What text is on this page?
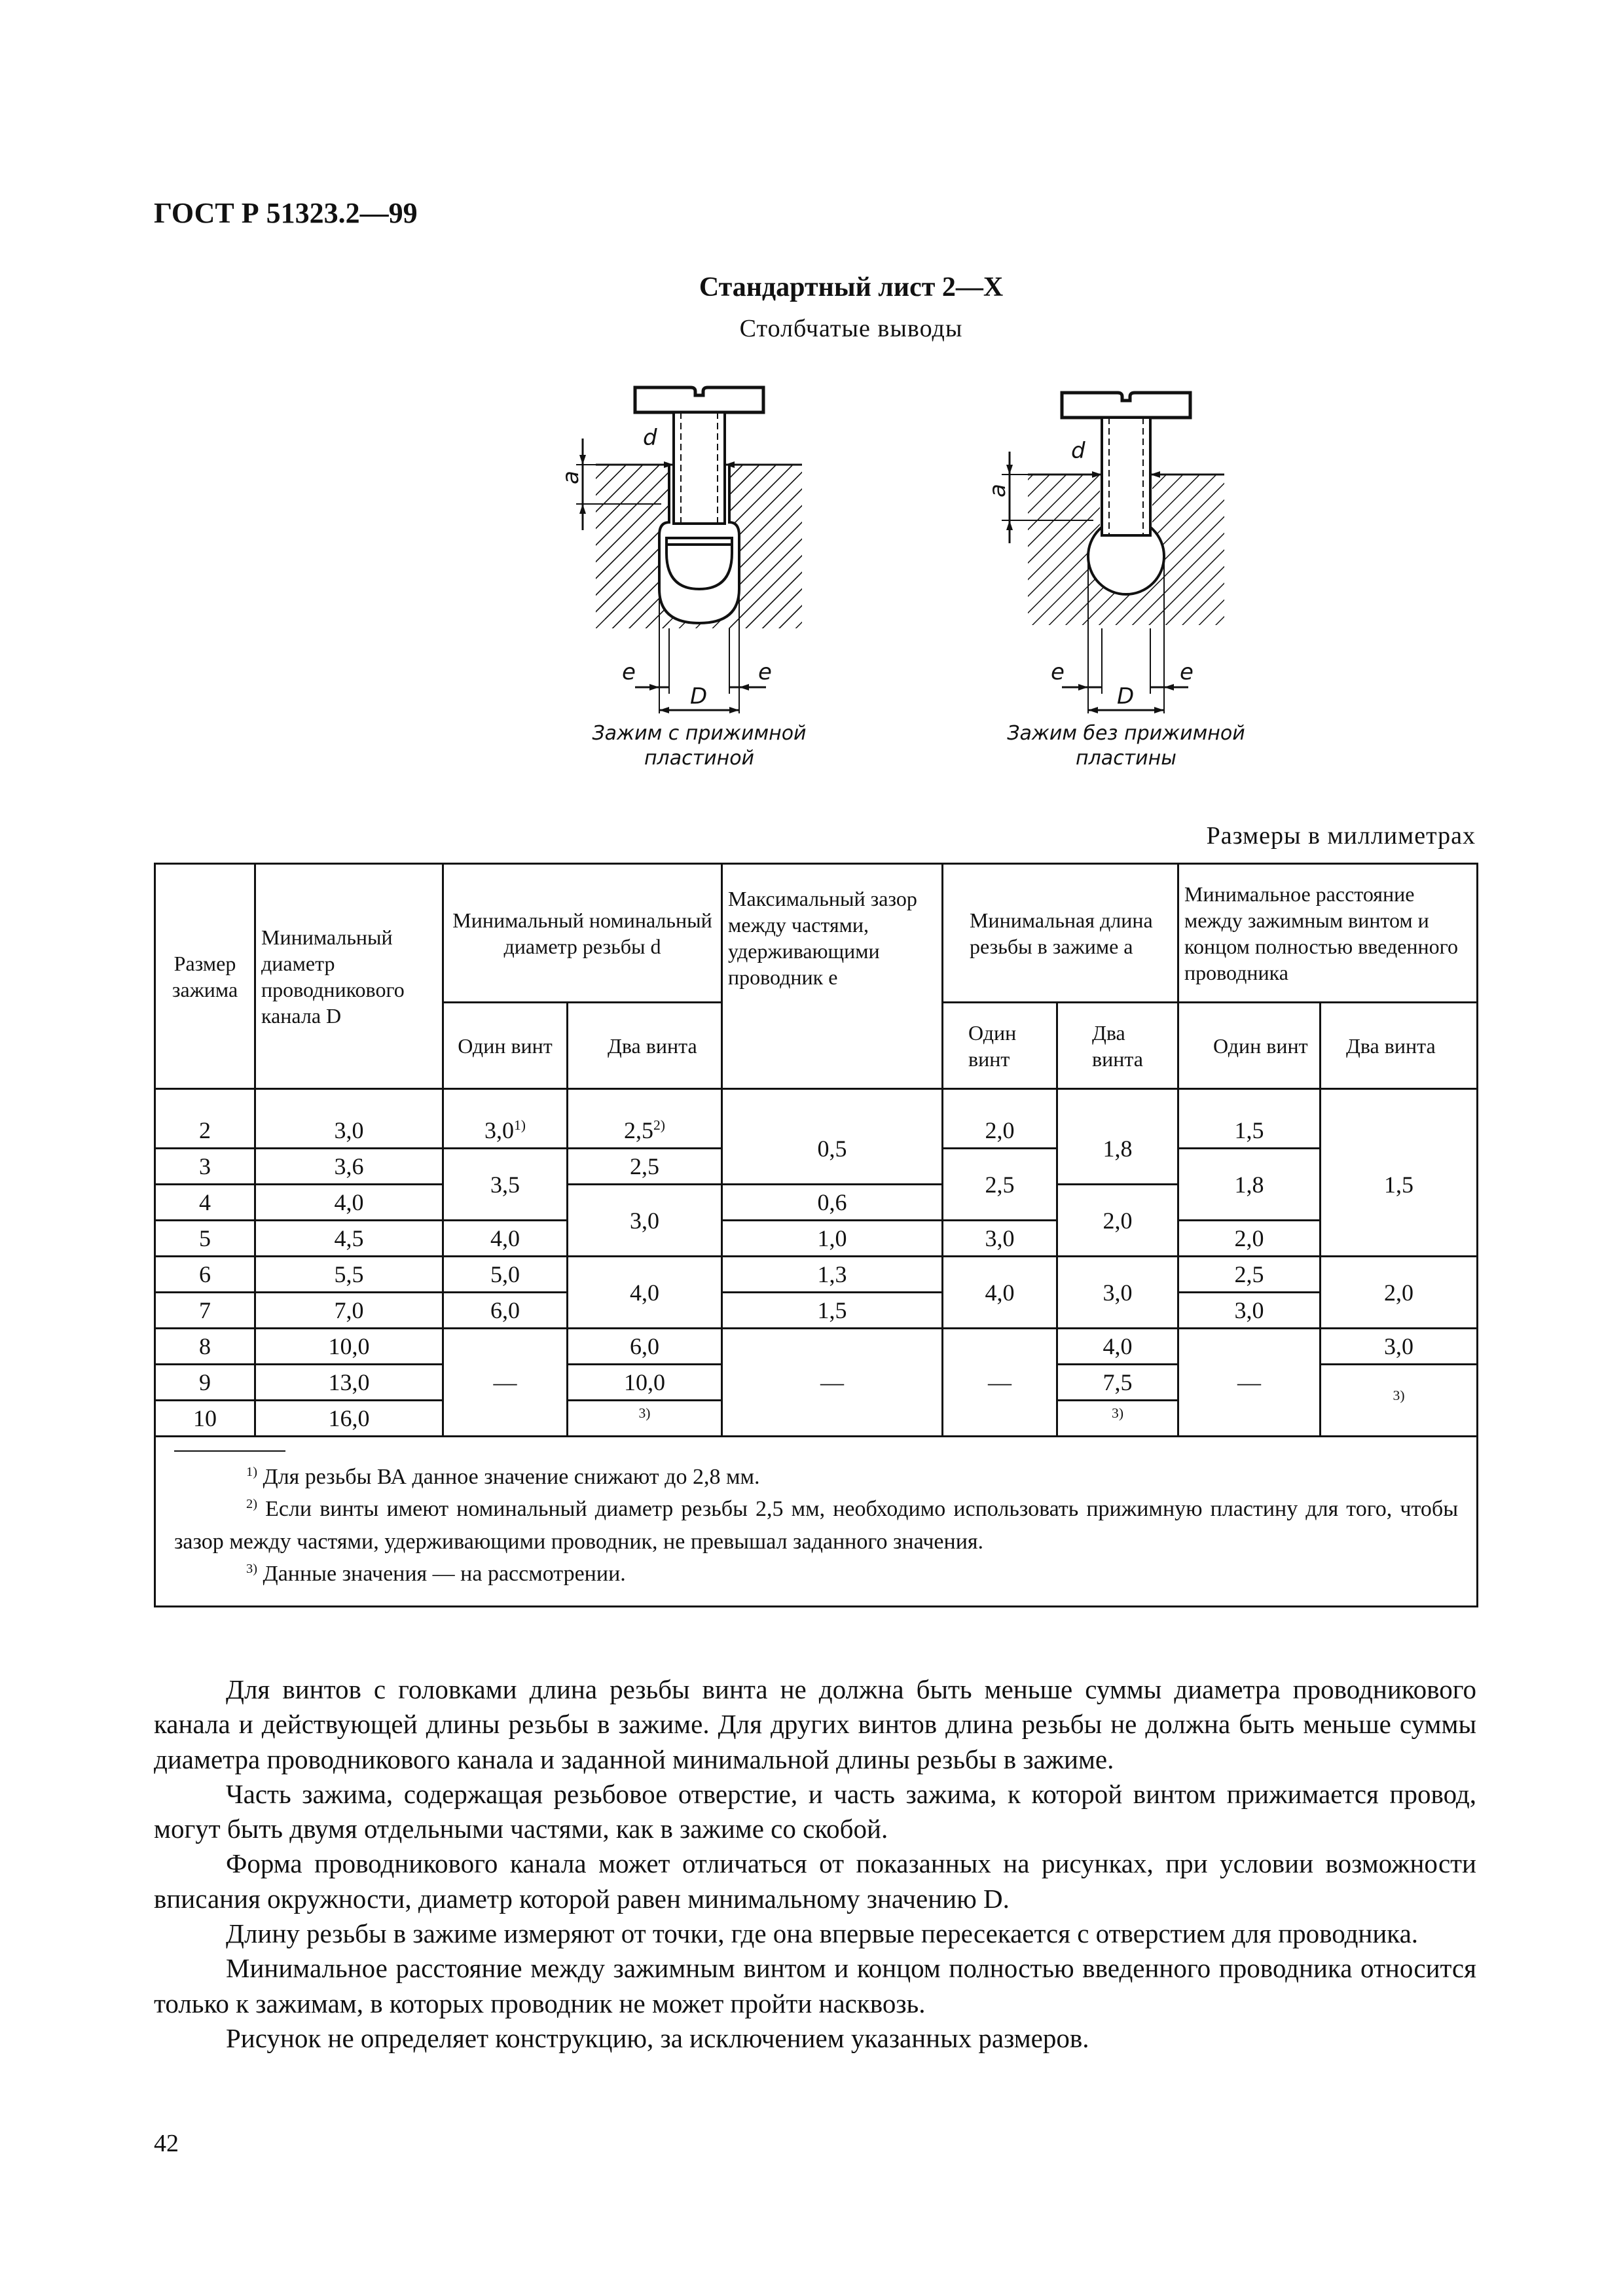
ГОСТ Р 51323.2—99
Стандартный лист 2—X
Столбчатые выводы
d
a
e	e
D
Зажим с прижимной
пластиной
d
a
e	e
D
Зажим без прижимной
пластины
Размеры в миллиметрах
Размер зажима	Минимальный диаметр проводникового канала D	Минимальный номинальный диаметр резьбы d		Максимальный зазор между частями, удерживающими проводник e	Минимальная длина резьбы в зажиме a		Минимальное расстояние между зажимным винтом и концом полностью введенного проводника	
		Один винт	Два винта		Один винт	Два винта	Один винт	Два винта
2	3,0	3,0$^{1)}$	2,5$^{2)}$	0,5	2,0	1,8	1,5	1,5
3	3,6	3,5	2,5		2,5		1,8	
4	4,0		3,0	0,6		2,0		
5	4,5	4,0		1,0	3,0		2,0	
6	5,5	5,0	4,0	1,3	4,0	3,0	2,5	2,0
7	7,0	6,0		1,5			3,0	
8	10,0	—	6,0	—	—	4,0	—	3,0
9	13,0		10,0			7,5		$^{3)}$
10	16,0		$^{3)}$			$^{3)}$

$^{1)}$ Для резьбы ВА данное значение снижают до 2,8 мм.

$^{2)}$ Если винты имеют номинальный диаметр резьбы 2,5 мм, необходимо использовать прижимную пластину для того, чтобы зазор между частями, удерживающими проводник, не превышал заданного значения.

$^{3)}$ Данные значения — на рассмотрении.								

Для винтов с головками длина резьбы винта не должна быть меньше суммы диаметра проводникового канала и действующей длины резьбы в зажиме. Для других винтов длина резьбы не должна быть меньше суммы диаметра проводникового канала и заданной минимальной длины резьбы в зажиме.

Часть зажима, содержащая резьбовое отверстие, и часть зажима, к которой винтом прижимается провод, могут быть двумя отдельными частями, как в зажиме со скобой.

Форма проводникового канала может отличаться от показанных на рисунках, при условии возможности вписания окружности, диаметр которой равен минимальному значению D.

Длину резьбы в зажиме измеряют от точки, где она впервые пересекается с отверстием для проводника.

Минимальное расстояние между зажимным винтом и концом полностью введенного проводника относится только к зажимам, в которых проводник не может пройти насквозь.

Рисунок не определяет конструкцию, за исключением указанных размеров.

42
